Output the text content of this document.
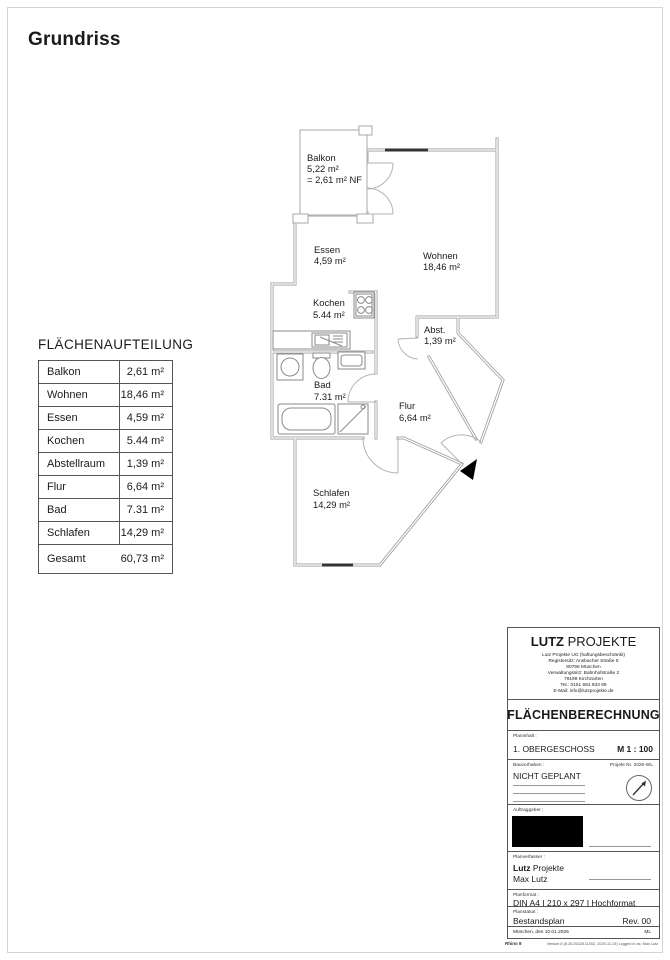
Grundriss
Balkon
5,22 m²
= 2,61 m² NF
Essen
4,59 m²	Wohnen
18,46 m²
Kochen
5.44 m²
Abst.
1,39 m²
Bad
7.31 m²
Flur
6,64 m²
Schlafen
14,29 m²
FLÄCHENAUFTEILUNG
Balkon	2,61 m²
Wohnen	18,46 m²
Essen	4,59 m²
Kochen	5.44 m²
Abstellraum	1,39 m²
Flur	6,64 m²
Bad	7.31 m²
Schlafen	14,29 m²
Gesamt	60,73 m²
LUTZ PROJEKTE
Lutz Projekte UG (haftungsbeschränkt)
Registersitz: Ansbacher Straße 5
80796 München
Verwaltungssitz: Bahnhofstraße 2
79199 Kirchzarten
Tel.: 0151 681 833 89
E-Mail: info@lutzprojekte.de
FLÄCHENBERECHNUNG
Planinhalt :
1. OBERGESCHOSS	M 1 : 100
Bauvorhaben :	Projekt Nr. 2026-WL
NICHT GEPLANT
Auftraggeber :
Planverfasser :
Lutz Projekte
Max Lutz
Planformat :
DIN A4 I 210 x 297 I Hochformat
Planstatus :
Bestandsplan	Rev. 00
München, den 10.01.2026	ML
Rhino 8	Version 8 (8.25.25328.11002, 2025-11-24) Logged in as: Max Lutz
